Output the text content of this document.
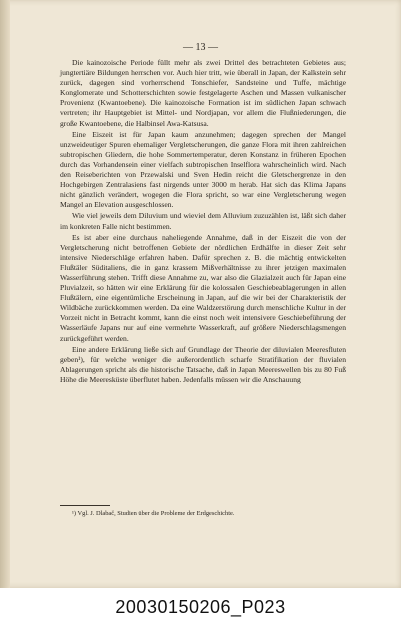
— 13 —

Die kainozoische Periode füllt mehr als zwei Drittel des betrachteten Gebietes aus; jungtertiäre Bildungen herrschen vor. Auch hier tritt, wie überall in Japan, der Kalkstein sehr zurück, dagegen sind vorherrschend Tonschiefer, Sandsteine und Tuffe, mächtige Konglomerate und Schotterschichten sowie festgelagerte Aschen und Massen vulkanischer Provenienz (Kwantoebene). Die kainozoische Formation ist im südlichen Japan schwach vertreten; ihr Hauptgebiet ist Mittel- und Nordjapan, vor allem die Flußniederungen, die große Kwantoebene, die Halbinsel Awa-Katsusa.

Eine Eiszeit ist für Japan kaum anzunehmen; dagegen sprechen der Mangel unzweideutiger Spuren ehemaliger Vergletscherungen, die ganze Flora mit ihren zahlreichen subtropischen Gliedern, die hohe Sommertemperatur, deren Konstanz in früheren Epochen durch das Vorhandensein einer vielfach subtropischen Inselflora wahrscheinlich wird. Nach den Reiseberichten von Przewalski und Sven Hedin reicht die Gletschergrenze in den Hochgebirgen Zentralasiens fast nirgends unter 3000 m herab. Hat sich das Klima Japans nicht gänzlich verändert, wogegen die Flora spricht, so war eine Vergletscherung wegen Mangel an Elevation ausgeschlossen.

Wie viel jeweils dem Diluvium und wieviel dem Alluvium zuzuzählen ist, läßt sich daher im konkreten Falle nicht bestimmen.

Es ist aber eine durchaus naheliegende Annahme, daß in der Eiszeit die von der Vergletscherung nicht betroffenen Gebiete der nördlichen Erdhälfte in dieser Zeit sehr intensive Niederschläge erfahren haben. Dafür sprechen z. B. die mächtig entwickelten Flußtäler Süditaliens, die in ganz krassem Mißverhältnisse zu ihrer jetzigen maximalen Wasserführung stehen. Trifft diese Annahme zu, war also die Glazialzeit auch für Japan eine Pluvialzeit, so hätten wir eine Erklärung für die kolossalen Geschiebeablagerungen in allen Flußtälern, eine eigentümliche Erscheinung in Japan, auf die wir bei der Charakteristik der Wildbäche zurückkommen werden. Da eine Waldzerstörung durch menschliche Kultur in der Vorzeit nicht in Betracht kommt, kann die einst noch weit intensivere Geschiebeführung der Wasserläufe Japans nur auf eine vermehrte Wasserkraft, auf größere Niederschlagsmengen zurückgeführt werden.

Eine andere Erklärung ließe sich auf Grundlage der Theorie der diluvialen Meeresfluten geben¹), für welche weniger die außerordentlich scharfe Stratifikation der fluvialen Ablagerungen spricht als die historische Tatsache, daß in Japan Meereswellen bis zu 80 Fuß Höhe die Meeresküste überflutet haben. Jedenfalls müssen wir die Anschauung

¹) Vgl. J. Dlabač, Studien über die Probleme der Erdgeschichte.
20030150206_P023
